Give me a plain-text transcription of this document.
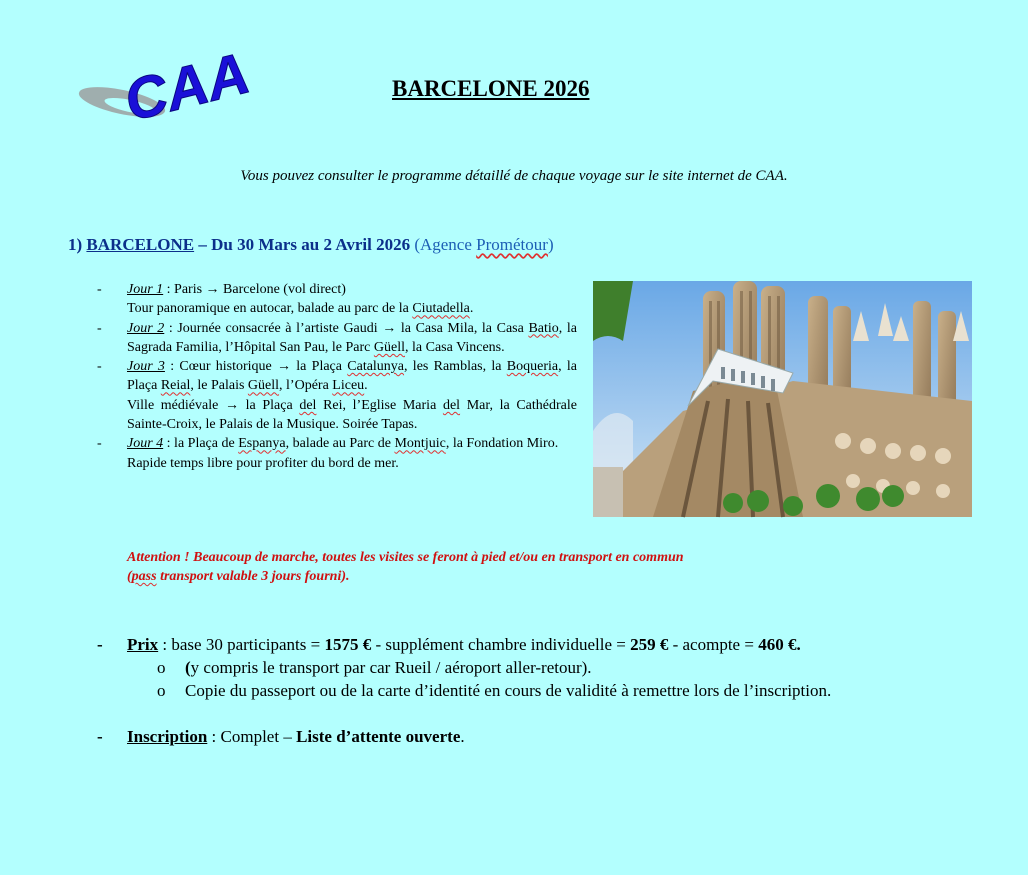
CAA	BARCELONE 2026
Vous pouvez consulter le programme détaillé de chaque voyage sur le site internet de CAA.
1) BARCELONE – Du 30 Mars au 2 Avril 2026 (Agence Prométour)
-	Jour 1 : Paris → Barcelone (vol direct)
Tour panoramique en autocar, balade au parc de la Ciutadella.
-	Jour 2 : Journée consacrée à l’artiste Gaudi → la Casa Mila, la Casa Batio, la Sagrada Familia, l’Hôpital San Pau, le Parc Güell, la Casa Vincens.
-	Jour 3 : Cœur historique → la Plaça Catalunya, les Ramblas, la Boqueria, la Plaça Reial, le Palais Güell, l’Opéra Liceu.
Ville médiévale → la Plaça del Rei, l’Eglise Maria del Mar, la Cathédrale Sainte-Croix, le Palais de la Musique. Soirée Tapas.
-	Jour 4 : la Plaça de Espanya, balade au Parc de Montjuic, la Fondation Miro.
Rapide temps libre pour profiter du bord de mer.
Attention ! Beaucoup de marche, toutes les visites se feront à pied et/ou en transport en commun
(pass transport valable 3 jours fourni).
-	Prix : base 30 participants = 1575 € - supplément chambre individuelle = 259 € - acompte = 460 €.
o	(y compris le transport par car Rueil / aéroport aller-retour).
o	Copie du passeport ou de la carte d’identité en cours de validité à remettre lors de l’inscription.
-	Inscription : Complet – Liste d’attente ouverte.
